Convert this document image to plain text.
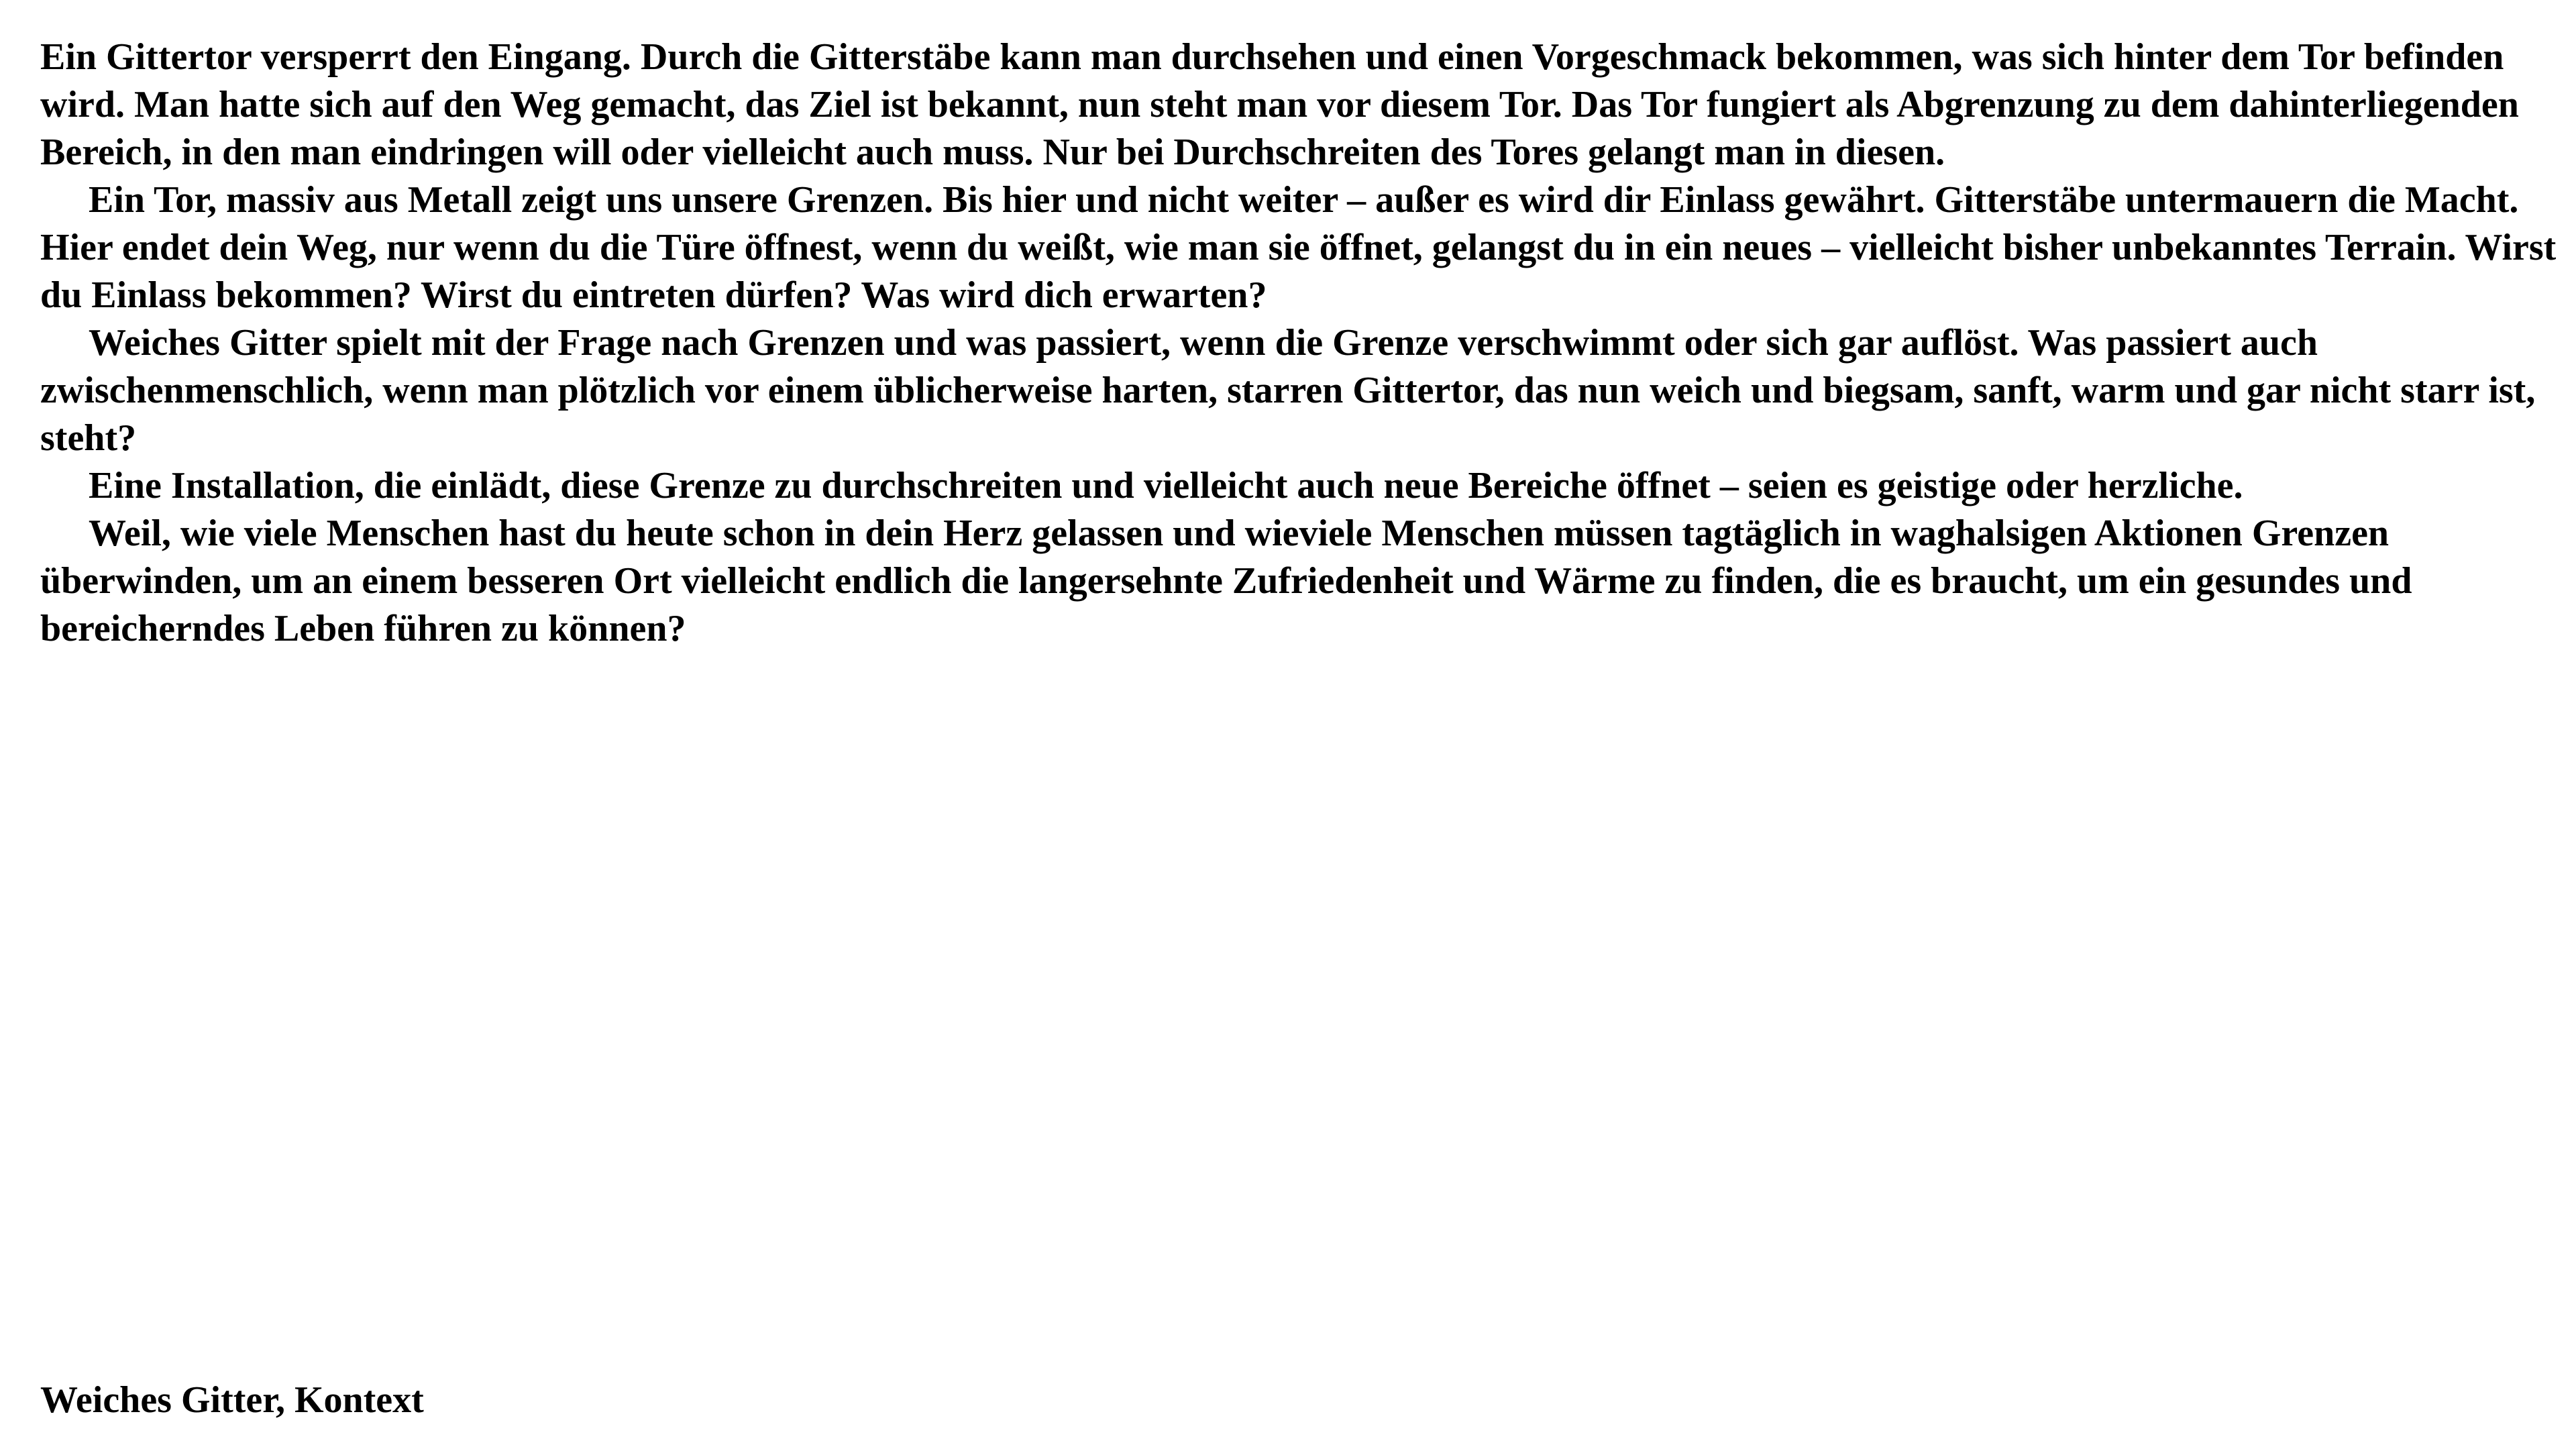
Ein Gittertor versperrt den Eingang. Durch die Gitterstäbe kann man durchsehen und einen Vorgeschmack bekommen, was sich hinter dem Tor befinden wird. Man hatte sich auf den Weg gemacht, das Ziel ist bekannt, nun steht man vor diesem Tor. Das Tor fungiert als Abgrenzung zu dem dahinterliegenden Bereich, in den man eindringen will oder vielleicht auch muss. Nur bei Durchschreiten des Tores gelangt man in diesen.

Ein Tor, massiv aus Metall zeigt uns unsere Grenzen. Bis hier und nicht weiter – außer es wird dir Einlass gewährt. Gitterstäbe untermauern die Macht. Hier endet dein Weg, nur wenn du die Türe öffnest, wenn du weißt, wie man sie öffnet, gelangst du in ein neues – vielleicht bisher unbekanntes Terrain. Wirst du Einlass bekommen? Wirst du eintreten dürfen? Was wird dich erwarten?

Weiches Gitter spielt mit der Frage nach Grenzen und was passiert, wenn die Grenze verschwimmt oder sich gar auflöst. Was passiert auch zwischenmenschlich, wenn man plötzlich vor einem üblicherweise harten, starren Gittertor, das nun weich und biegsam, sanft, warm und gar nicht starr ist, steht?

Eine Installation, die einlädt, diese Grenze zu durchschreiten und vielleicht auch neue Bereiche öffnet – seien es geistige oder herzliche.

Weil, wie viele Menschen hast du heute schon in dein Herz gelassen und wieviele Menschen müssen tagtäglich in waghalsigen Aktionen Grenzen überwinden, um an einem besseren Ort vielleicht endlich die langersehnte Zufriedenheit und Wärme zu finden, die es braucht, um ein gesundes und bereicherndes Leben führen zu können?

Weiches Gitter, Kontext
